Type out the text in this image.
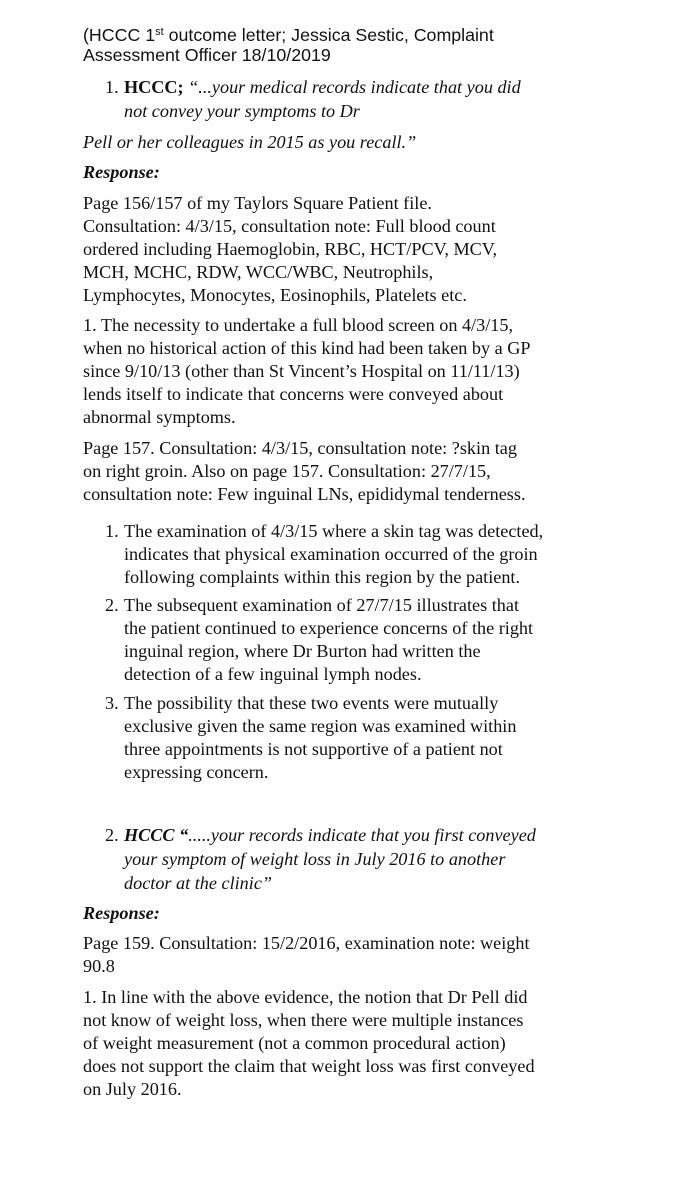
(HCCC 1st outcome letter; Jessica Sestic, Complaint
Assessment Officer 18/10/2019
1. HCCC; “...your medical records indicate that you did
not convey your symptoms to Dr
Pell or her colleagues in 2015 as you recall.”
Response:
Page 156/157 of my Taylors Square Patient file.
Consultation: 4/3/15, consultation note: Full blood count
ordered including Haemoglobin, RBC, HCT/PCV, MCV,
MCH, MCHC, RDW, WCC/WBC, Neutrophils,
Lymphocytes, Monocytes, Eosinophils, Platelets etc.
1. The necessity to undertake a full blood screen on 4/3/15,
when no historical action of this kind had been taken by a GP
since 9/10/13 (other than St Vincent’s Hospital on 11/11/13)
lends itself to indicate that concerns were conveyed about
abnormal symptoms.
Page 157. Consultation: 4/3/15, consultation note: ?skin tag
on right groin. Also on page 157. Consultation: 27/7/15,
consultation note: Few inguinal LNs, epididymal tenderness.
1. The examination of 4/3/15 where a skin tag was detected,
indicates that physical examination occurred of the groin
following complaints within this region by the patient.
2. The subsequent examination of 27/7/15 illustrates that
the patient continued to experience concerns of the right
inguinal region, where Dr Burton had written the
detection of a few inguinal lymph nodes.
3. The possibility that these two events were mutually
exclusive given the same region was examined within
three appointments is not supportive of a patient not
expressing concern.
2. HCCC “.....your records indicate that you first conveyed
your symptom of weight loss in July 2016 to another
doctor at the clinic”
Response:
Page 159. Consultation: 15/2/2016, examination note: weight
90.8
1. In line with the above evidence, the notion that Dr Pell did
not know of weight loss, when there were multiple instances
of weight measurement (not a common procedural action)
does not support the claim that weight loss was first conveyed
on July 2016.
